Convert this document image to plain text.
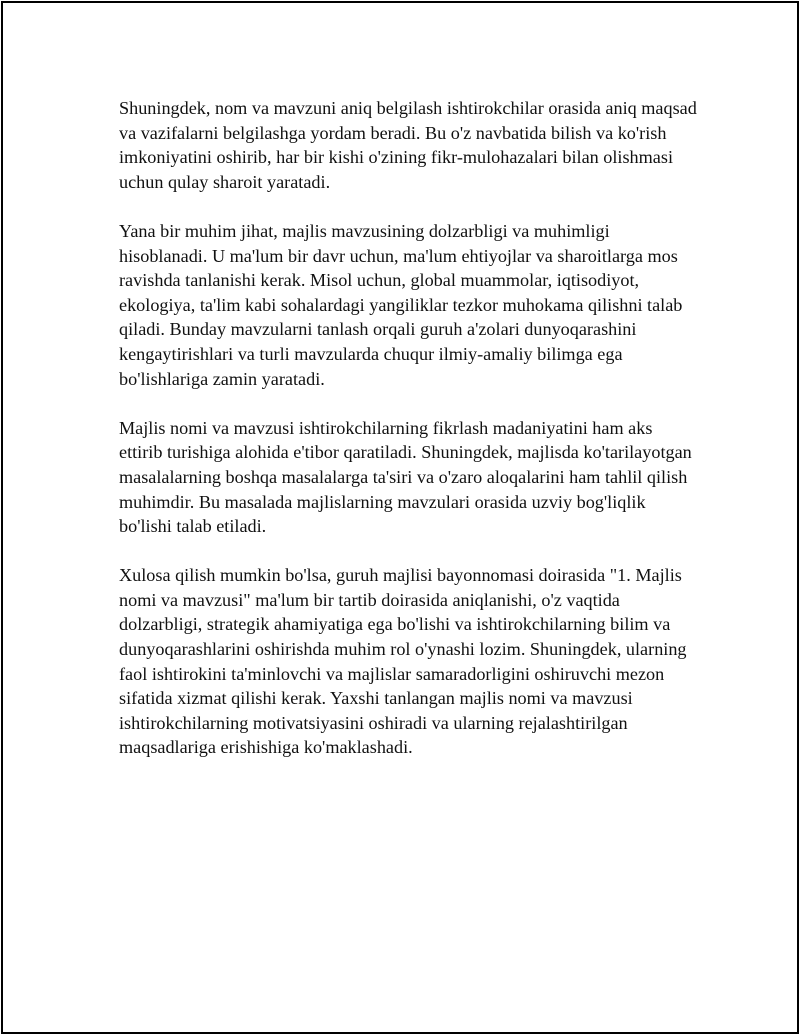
Shuningdek, nom va mavzuni aniq belgilash ishtirokchilar orasida aniq maqsad va vazifalarni belgilashga yordam beradi. Bu o'z navbatida bilish va ko'rish imkoniyatini oshirib, har bir kishi o'zining fikr-mulohazalari bilan olishmasi uchun qulay sharoit yaratadi.

Yana bir muhim jihat, majlis mavzusining dolzarbligi va muhimligi hisoblanadi. U ma'lum bir davr uchun, ma'lum ehtiyojlar va sharoitlarga mos ravishda tanlanishi kerak. Misol uchun, global muammolar, iqtisodiyot, ekologiya, ta'lim kabi sohalardagi yangiliklar tezkor muhokama qilishni talab qiladi. Bunday mavzularni tanlash orqali guruh a'zolari dunyoqarashini kengaytirishlari va turli mavzularda chuqur ilmiy-amaliy bilimga ega bo'lishlariga zamin yaratadi.

Majlis nomi va mavzusi ishtirokchilarning fikrlash madaniyatini ham aks ettirib turishiga alohida e'tibor qaratiladi. Shuningdek, majlisda ko'tarilayotgan masalalarning boshqa masalalarga ta'siri va o'zaro aloqalarini ham tahlil qilish muhimdir. Bu masalada majlislarning mavzulari orasida uzviy bog'liqlik bo'lishi talab etiladi.

Xulosa qilish mumkin bo'lsa, guruh majlisi bayonnomasi doirasida "1. Majlis nomi va mavzusi" ma'lum bir tartib doirasida aniqlanishi, o'z vaqtida dolzarbligi, strategik ahamiyatiga ega bo'lishi va ishtirokchilarning bilim va dunyoqarashlarini oshirishda muhim rol o'ynashi lozim. Shuningdek, ularning faol ishtirokini ta'minlovchi va majlislar samaradorligini oshiruvchi mezon sifatida xizmat qilishi kerak. Yaxshi tanlangan majlis nomi va mavzusi ishtirokchilarning motivatsiyasini oshiradi va ularning rejalashtirilgan maqsadlariga erishishiga ko'maklashadi.
